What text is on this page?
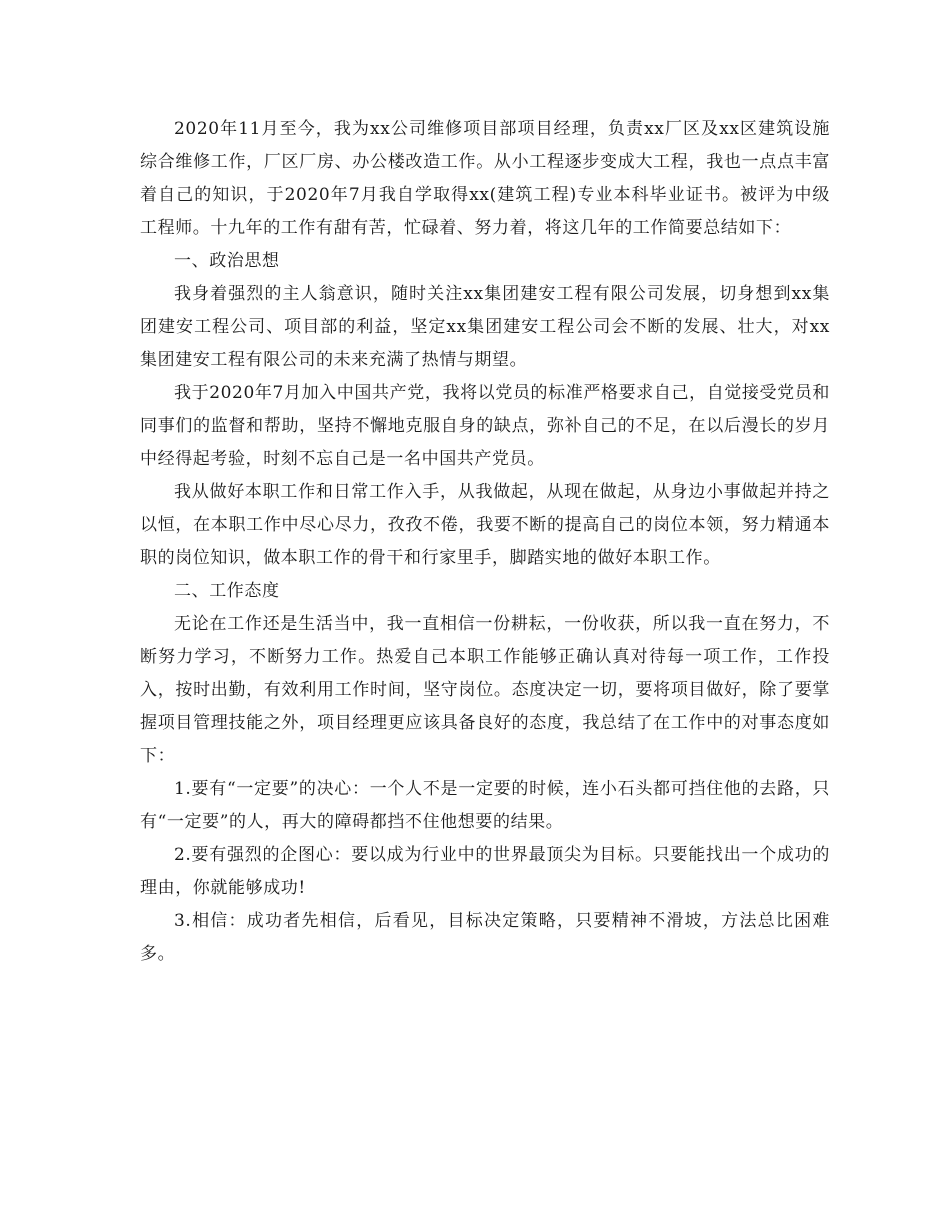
2020年11月至今，我为xx公司维修项目部项目经理，负责xx厂区及xx区建筑设施综合维修工作，厂区厂房、办公楼改造工作。从小工程逐步变成大工程，我也一点点丰富着自己的知识，于2020年7月我自学取得xx(建筑工程)专业本科毕业证书。被评为中级工程师。十九年的工作有甜有苦，忙碌着、努力着，将这几年的工作简要总结如下：

一、政治思想

我身着强烈的主人翁意识，随时关注xx集团建安工程有限公司发展，切身想到xx集团建安工程公司、项目部的利益，坚定xx集团建安工程公司会不断的发展、壮大，对xx集团建安工程有限公司的未来充满了热情与期望。

我于2020年7月加入中国共产党，我将以党员的标准严格要求自己，自觉接受党员和同事们的监督和帮助，坚持不懈地克服自身的缺点，弥补自己的不足，在以后漫长的岁月中经得起考验，时刻不忘自己是一名中国共产党员。

我从做好本职工作和日常工作入手，从我做起，从现在做起，从身边小事做起并持之以恒，在本职工作中尽心尽力，孜孜不倦，我要不断的提高自己的岗位本领，努力精通本职的岗位知识，做本职工作的骨干和行家里手，脚踏实地的做好本职工作。

二、工作态度

无论在工作还是生活当中，我一直相信一份耕耘，一份收获，所以我一直在努力，不断努力学习，不断努力工作。热爱自己本职工作能够正确认真对待每一项工作，工作投入，按时出勤，有效利用工作时间，坚守岗位。态度决定一切，要将项目做好，除了要掌握项目管理技能之外，项目经理更应该具备良好的态度，我总结了在工作中的对事态度如下：

1.要有“一定要”的决心：一个人不是一定要的时候，连小石头都可挡住他的去路，只有“一定要”的人，再大的障碍都挡不住他想要的结果。

2.要有强烈的企图心：要以成为行业中的世界最顶尖为目标。只要能找出一个成功的理由，你就能够成功!

3.相信：成功者先相信，后看见，目标决定策略，只要精神不滑坡，方法总比困难多。
